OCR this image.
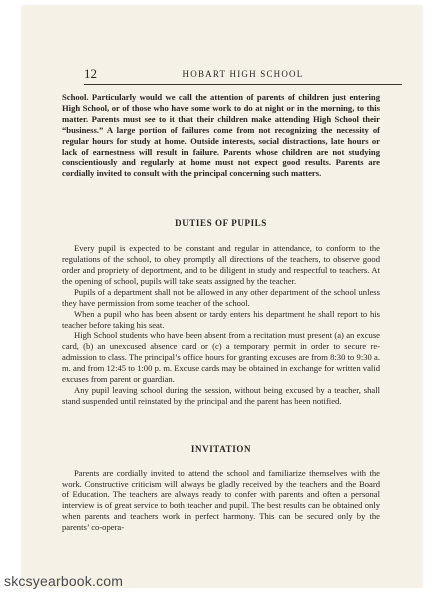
12	HOBART HIGH SCHOOL

School. Particularly would we call the attention of parents of children just entering High School, or of those who have some work to do at night or in the morning, to this matter. Parents must see to it that their children make attending High School their “business.” A large portion of failures come from not recognizing the necessity of regular hours for study at home. Outside interests, social distractions, late hours or lack of earnestness will result in failure. Parents whose children are not studying conscientiously and regularly at home must not expect good results. Parents are cordially invited to consult with the principal concerning such matters.

DUTIES OF PUPILS

Every pupil is expected to be constant and regular in attendance, to conform to the regulations of the school, to obey promptly all directions of the teachers, to observe good order and propriety of deportment, and to be diligent in study and respectful to teachers. At the opening of school, pupils will take seats assigned by the teacher.

Pupils of a department shall not be allowed in any other department of the school unless they have permission from some teacher of the school.

When a pupil who has been absent or tardy enters his department he shall report to his teacher before taking his seat.

High School students who have been absent from a recitation must present (a) an excuse card, (b) an unexcused absence card or (c) a temporary permit in order to secure re-admission to class. The principal’s office hours for granting excuses are from 8:30 to 9:30 a. m. and from 12:45 to 1:00 p. m. Excuse cards may be obtained in exchange for written valid excuses from parent or guardian.

Any pupil leaving school during the session, without being excused by a teacher, shall stand suspended until reinstated by the principal and the parent has been notified.

INVITATION

Parents are cordially invited to attend the school and familiarize themselves with the work. Constructive criticism will always be gladly received by the teachers and the Board of Education. The teachers are always ready to confer with parents and often a personal interview is of great service to both teacher and pupil. The best results can be obtained only when parents and teachers work in perfect harmony. This can be secured only by the parents’ co-opera-

skcsyearbook.com
